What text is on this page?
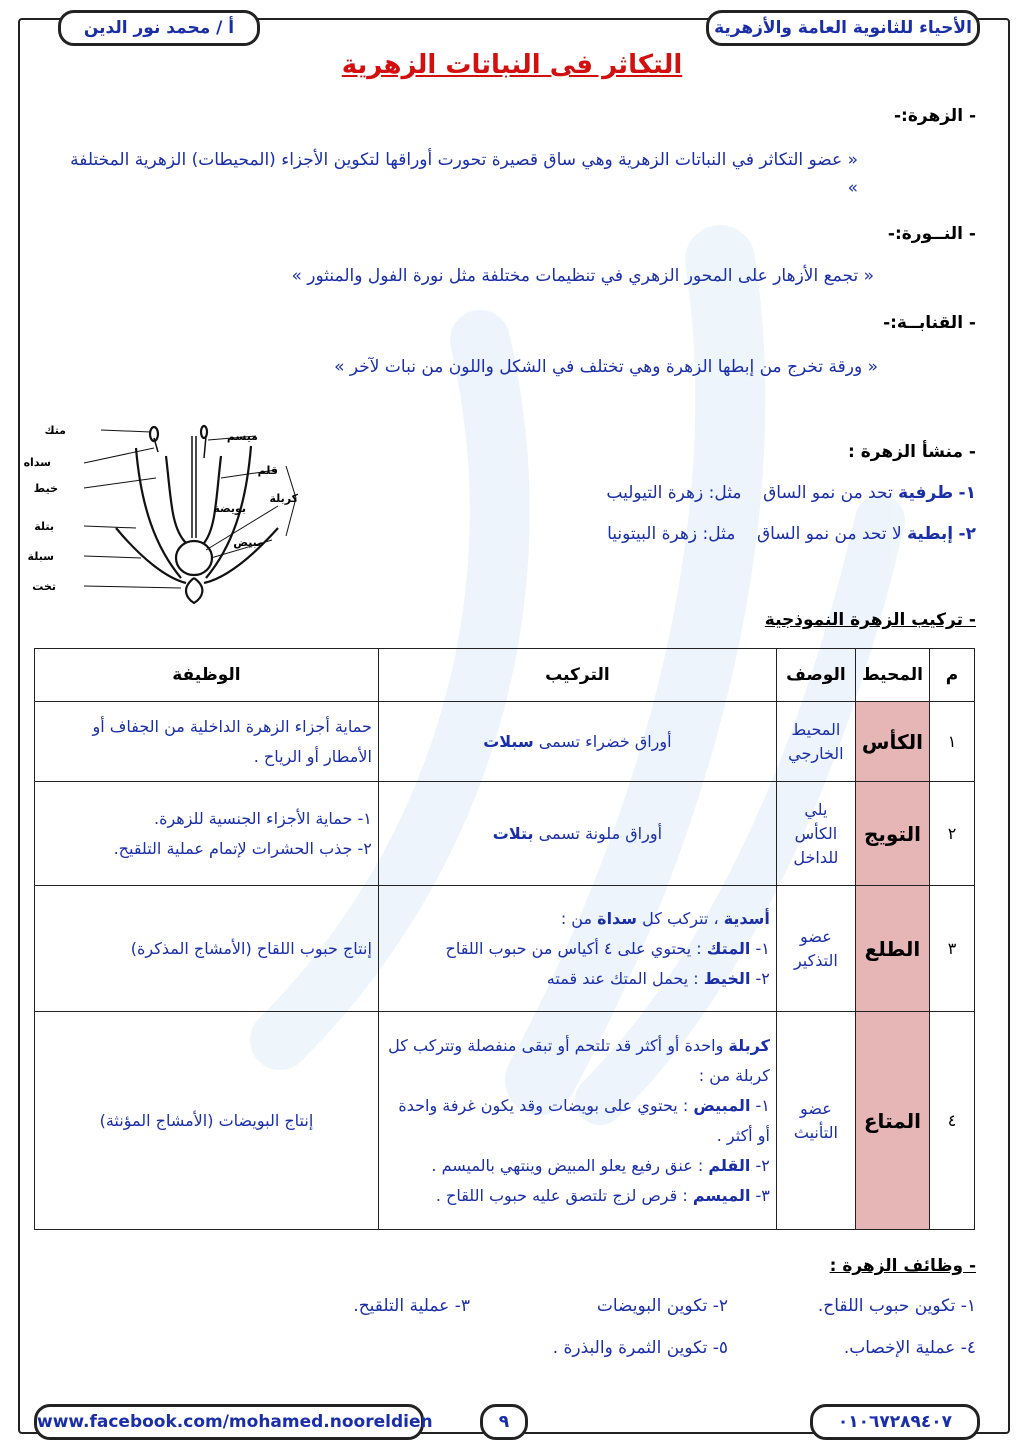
الأحياء للثانوية العامة والأزهرية
أ / محمد نور الدين
التكاثر فى النباتات الزهرية
- الزهرة:-
« عضو التكاثر في النباتات الزهرية وهي ساق قصيرة تحورت أوراقها لتكوين الأجزاء (المحيطات) الزهرية المختلفة »
- النــورة:-
« تجمع الأزهار على المحور الزهري في تنظيمات مختلفة مثل نورة الفول والمنثور »
- القنابــة:-
« ورقة تخرج من إبطها الزهرة وهي تختلف في الشكل واللون من نبات لآخر »
- منشأ الزهرة :
١- طرفية تحد من نمو الساق    مثل: زهرة التيوليب
٢- إبطية لا تحد من نمو الساق    مثل: زهرة البيتونيا
متك
سداه
خيط
بتلة
سبلة
تخت
ميسم
قلم
كربلة
بويضة
مبيض
- تركيب الزهرة النموذجية
م	المحيط	الوصف	التركيب	الوظيفة
١	الكأس	المحيط الخارجي	أوراق خضراء تسمى سبلات	حماية أجزاء الزهرة الداخلية من الجفاف أو الأمطار أو الرياح .

٢	التويج	يلي الكأس للداخل	أوراق ملونة تسمى بتلات	١- حماية الأجزاء الجنسية للزهرة.
٢- جذب الحشرات لإتمام عملية التلقيح.

٣	الطلع	عضو التذكير	أسدية ، تتركب كل سداة من :
١- المتك : يحتوي على ٤ أكياس من حبوب اللقاح
٢- الخيط : يحمل المتك عند قمته	إنتاج حبوب اللقاح (الأمشاج المذكرة)

٤	المتاع	عضو التأنيث	كربلة واحدة أو أكثر قد تلتحم أو تبقى منفصلة وتتركب كل كربلة من :
١- المبيض : يحتوي على بويضات وقد يكون غرفة واحدة أو أكثر .
٢- القلم : عنق رفيع يعلو المبيض وينتهي بالميسم .
٣- الميسم : قرص لزج تلتصق عليه حبوب اللقاح .	إنتاج البويضات (الأمشاج المؤنثة)
- وظائف الزهرة :
١- تكوين حبوب اللقاح.
٢- تكوين البويضات
٣- عملية التلقيح.
٤- عملية الإخصاب.
٥- تكوين الثمرة والبذرة .
٠١٠٦٧٢٨٩٤٠٧
٩
www.facebook.com/mohamed.nooreldien
